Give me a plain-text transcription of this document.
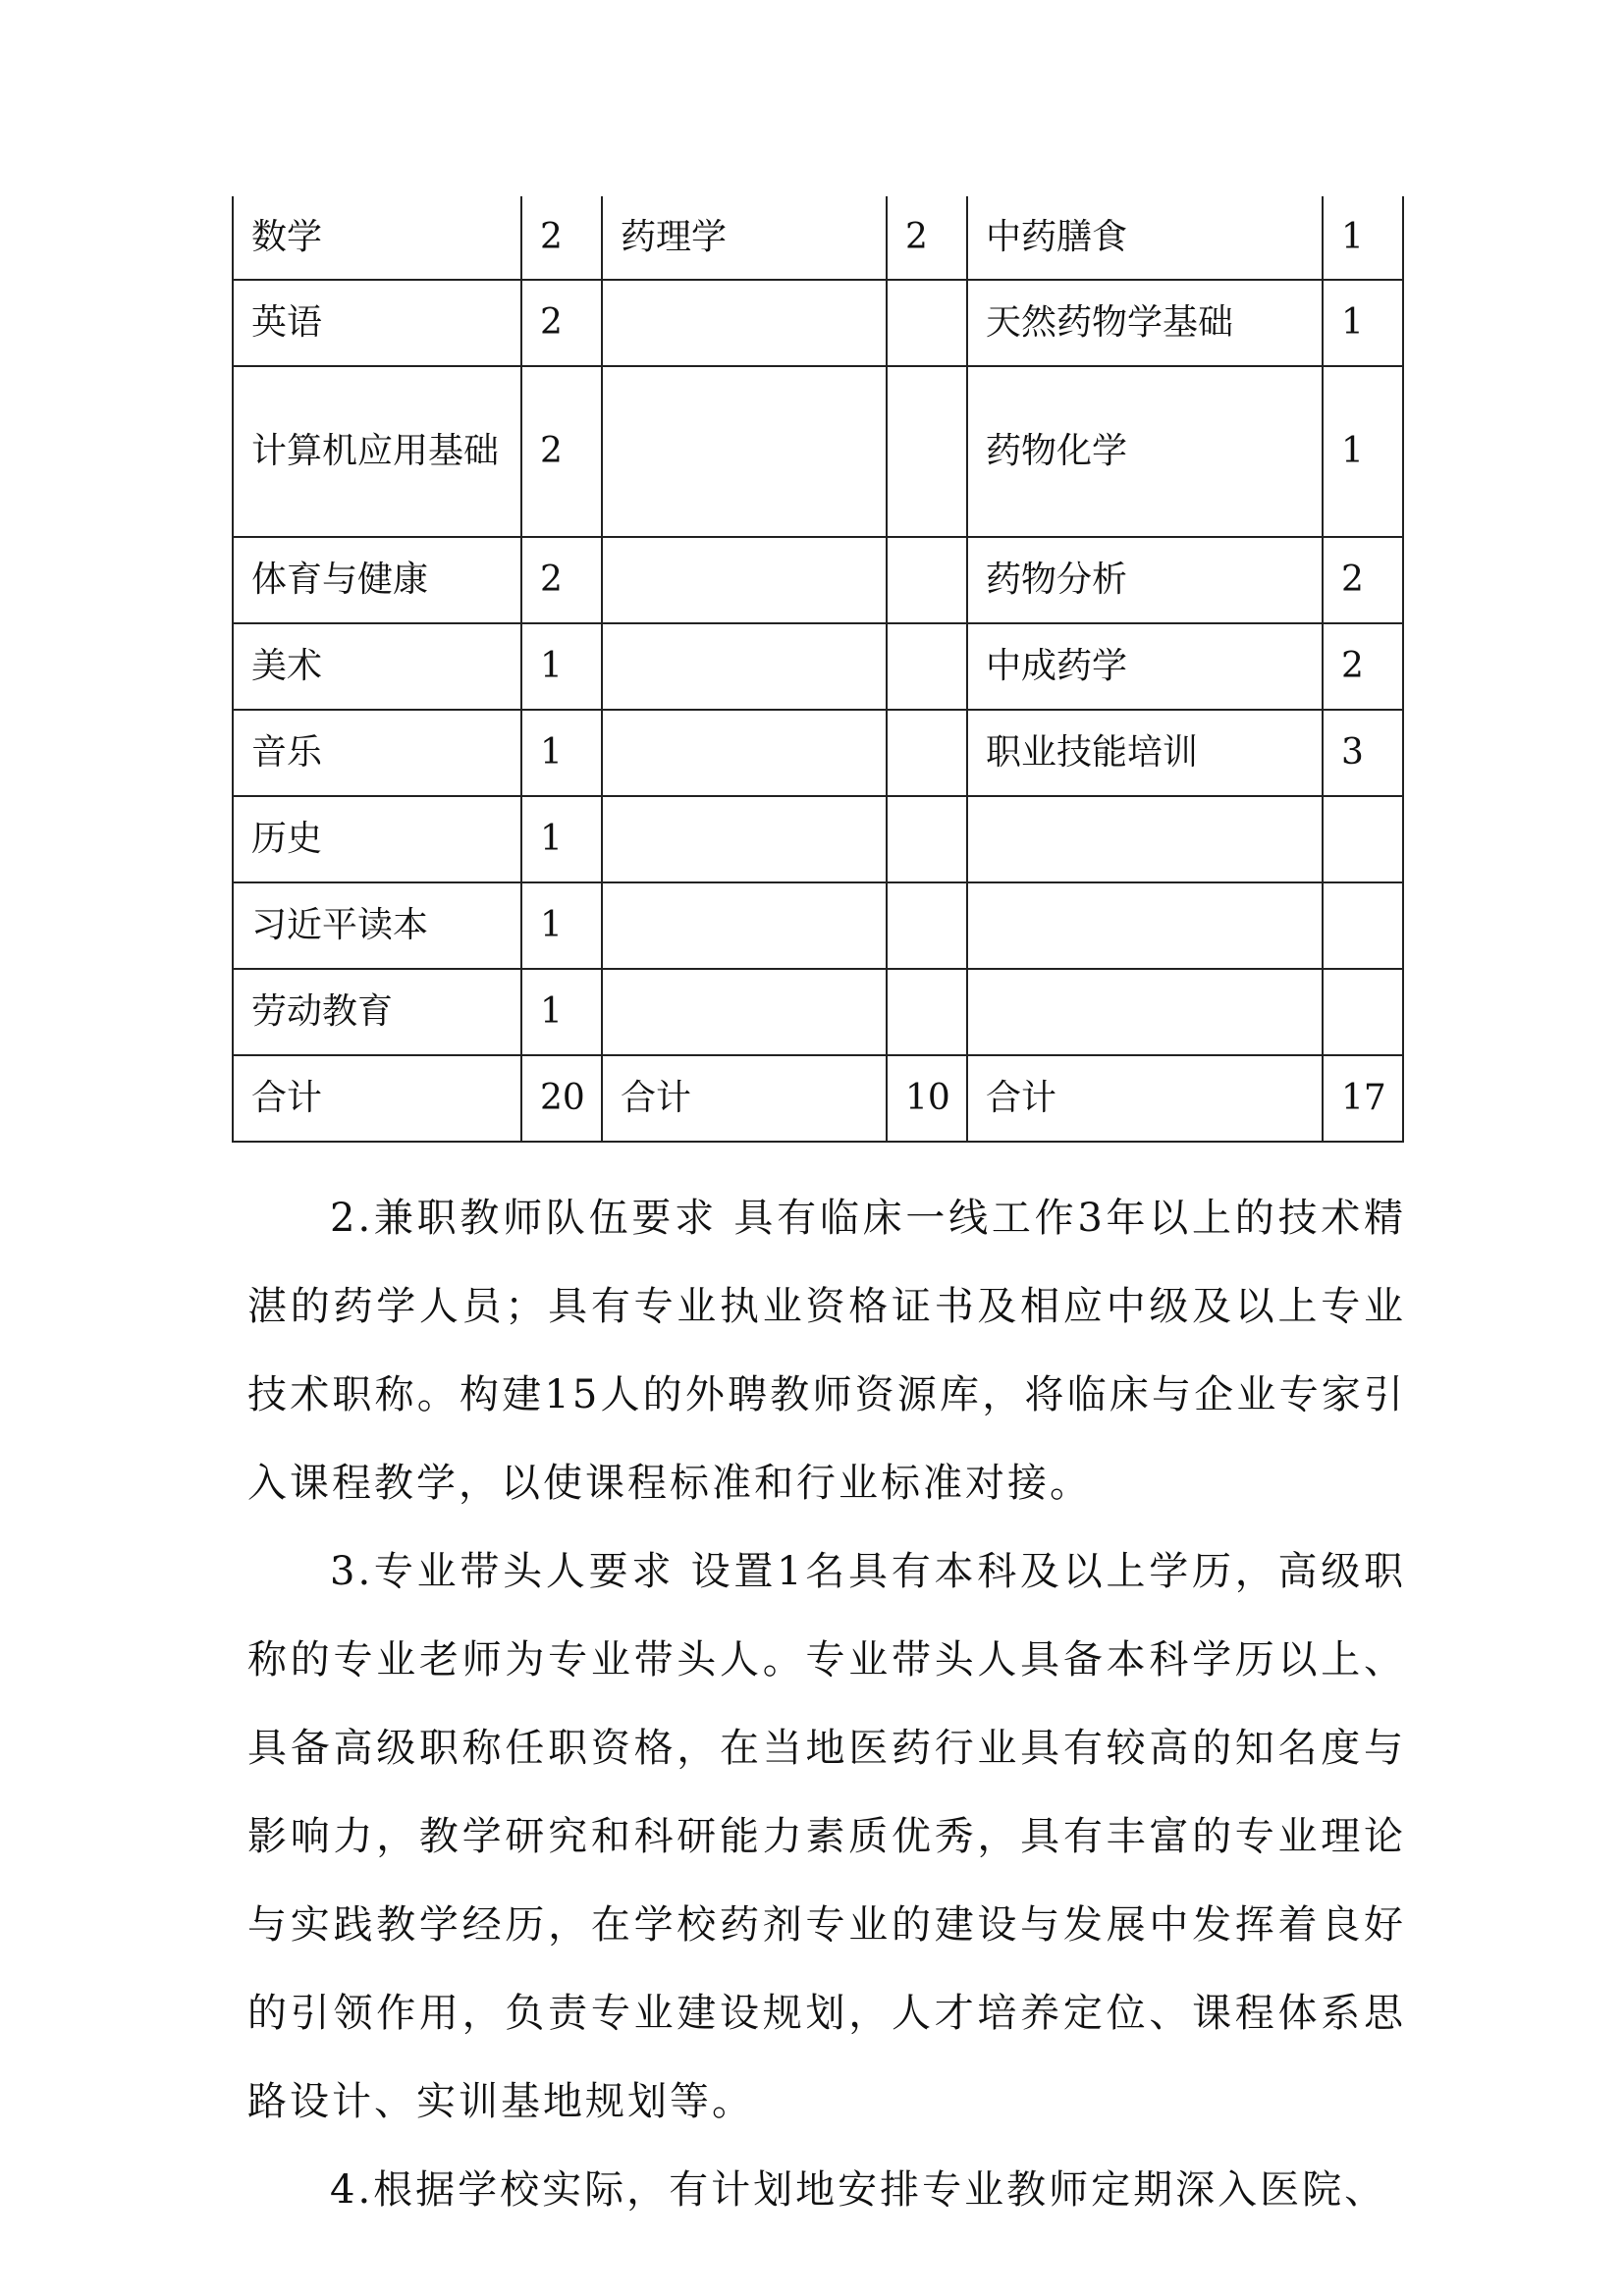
数学	2	药理学	2	中药膳食	1
英语	2			天然药物学基础	1
计算机应用基础	2			药物化学	1
体育与健康	2			药物分析	2
美术	1			中成药学	2
音乐	1			职业技能培训	3
历史	1				
习近平读本	1				
劳动教育	1				
合计	20	合计	10	合计	17

2.兼职教师队伍要求 具有临床一线工作3年以上的技术精湛的药学人员；具有专业执业资格证书及相应中级及以上专业技术职称。构建15人的外聘教师资源库，将临床与企业专家引入课程教学，以使课程标准和行业标准对接。

3.专业带头人要求 设置1名具有本科及以上学历，高级职称的专业老师为专业带头人。专业带头人具备本科学历以上、具备高级职称任职资格，在当地医药行业具有较高的知名度与影响力，教学研究和科研能力素质优秀，具有丰富的专业理论与实践教学经历，在学校药剂专业的建设与发展中发挥着良好的引领作用，负责专业建设规划，人才培养定位、课程体系思路设计、实训基地规划等。

4.根据学校实际，有计划地安排专业教师定期深入医院、
